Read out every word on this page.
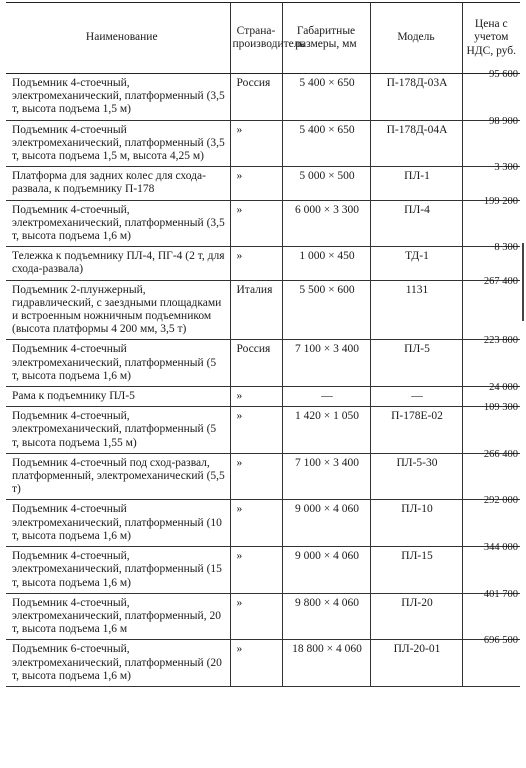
Наименование	Страна-производитель	Габаритные размеры, мм	Модель	Цена с учетом НДС, руб.
Подъемник 4-стоечный, электромеханический, платформенный (3,5 т, высота подъема 1,5 м)	Россия	5 400 × 650	П-178Д-03А	95 600
Подъемник 4-стоечный электромеханический, платформенный (3,5 т, высота подъема 1,5 м, высота 4,25 м)	»	5 400 × 650	П-178Д-04А	98 900
Платформа для задних колес для схода-развала, к подъемнику П-178	»	5 000 × 500	ПЛ-1	3 300
Подъемник 4-стоечный, электромеханический, платформенный (3,5 т, высота подъема 1,6 м)	»	6 000 × 3 300	ПЛ-4	199 200
Тележка к подъемнику ПЛ-4, ПГ-4 (2 т, для схода-развала)	»	1 000 × 450	ТД-1	8 300
Подъемник 2-плунжерный, гидравлический, с заездными площадками и встроенным ножничным подъемником (высота платформы 4 200 мм, 3,5 т)	Италия	5 500 × 600	1131	267 400
Подъемник 4-стоечный электромеханический, платформенный (5 т, высота подъема 1,6 м)	Россия	7 100 × 3 400	ПЛ-5	223 800
Рама к подъемнику ПЛ-5	»	—	—	24 000
Подъемник 4-стоечный, электромеханический, платформенный (5 т, высота подъема 1,55 м)	»	1 420 × 1 050	П-178Е-02	109 300
Подъемник 4-стоечный под сход-развал, платформенный, электромеханический (5,5 т)	»	7 100 × 3 400	ПЛ-5-30	266 400
Подъемник 4-стоечный электромеханический, платформенный (10 т, высота подъема 1,6 м)	»	9 000 × 4 060	ПЛ-10	292 000
Подъемник 4-стоечный, электромеханический, платформенный (15 т, высота подъема 1,6 м)	»	9 000 × 4 060	ПЛ-15	344 000
Подъемник 4-стоечный, электромеханический, платформенный, 20 т, высота подъема 1,6 м	»	9 800 × 4 060	ПЛ-20	401 700
Подъемник 6-стоечный, электромеханический, платформенный (20 т, высота подъема 1,6 м)	»	18 800 × 4 060	ПЛ-20-01	696 500
